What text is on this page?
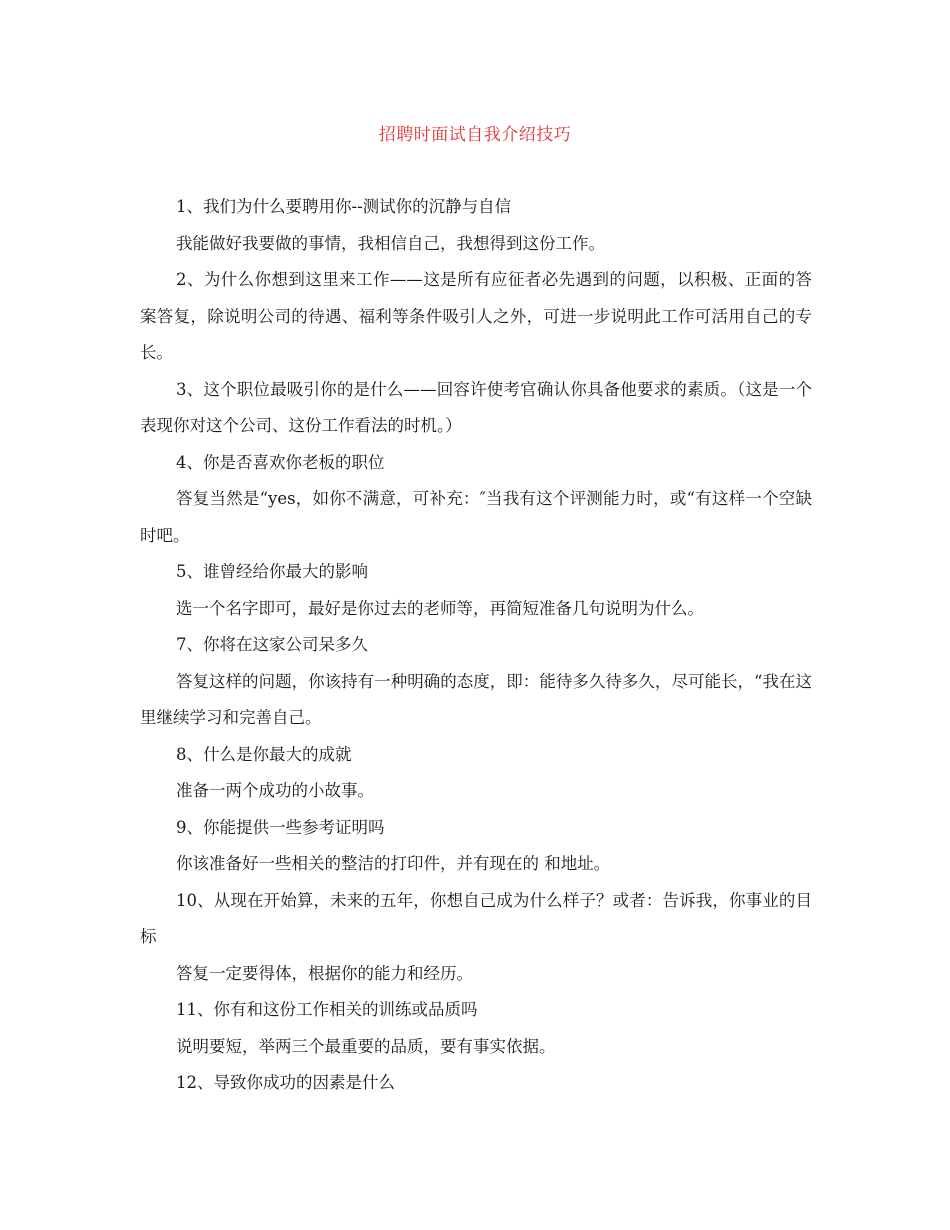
招聘时面试自我介绍技巧

1、我们为什么要聘用你--测试你的沉静与自信

我能做好我要做的事情，我相信自己，我想得到这份工作。

2、为什么你想到这里来工作——这是所有应征者必先遇到的问题，以积极、正面的答案答复，除说明公司的待遇、福利等条件吸引人之外，可进一步说明此工作可活用自己的专长。

3、这个职位最吸引你的是什么——回容许使考官确认你具备他要求的素质。（这是一个表现你对这个公司、这份工作看法的时机。）

4、你是否喜欢你老板的职位

答复当然是“yes，如你不满意，可补充：″当我有这个评测能力时，或“有这样一个空缺时吧。

5、谁曾经给你最大的影响

选一个名字即可，最好是你过去的老师等，再简短准备几句说明为什么。

7、你将在这家公司呆多久

答复这样的问题，你该持有一种明确的态度，即：能待多久待多久，尽可能长，“我在这里继续学习和完善自己。

8、什么是你最大的成就

准备一两个成功的小故事。

9、你能提供一些参考证明吗

你该准备好一些相关的整洁的打印件，并有现在的 和地址。

10、从现在开始算，未来的五年，你想自己成为什么样子？或者：告诉我，你事业的目标

答复一定要得体，根据你的能力和经历。

11、你有和这份工作相关的训练或品质吗

说明要短，举两三个最重要的品质，要有事实依据。

12、导致你成功的因素是什么
